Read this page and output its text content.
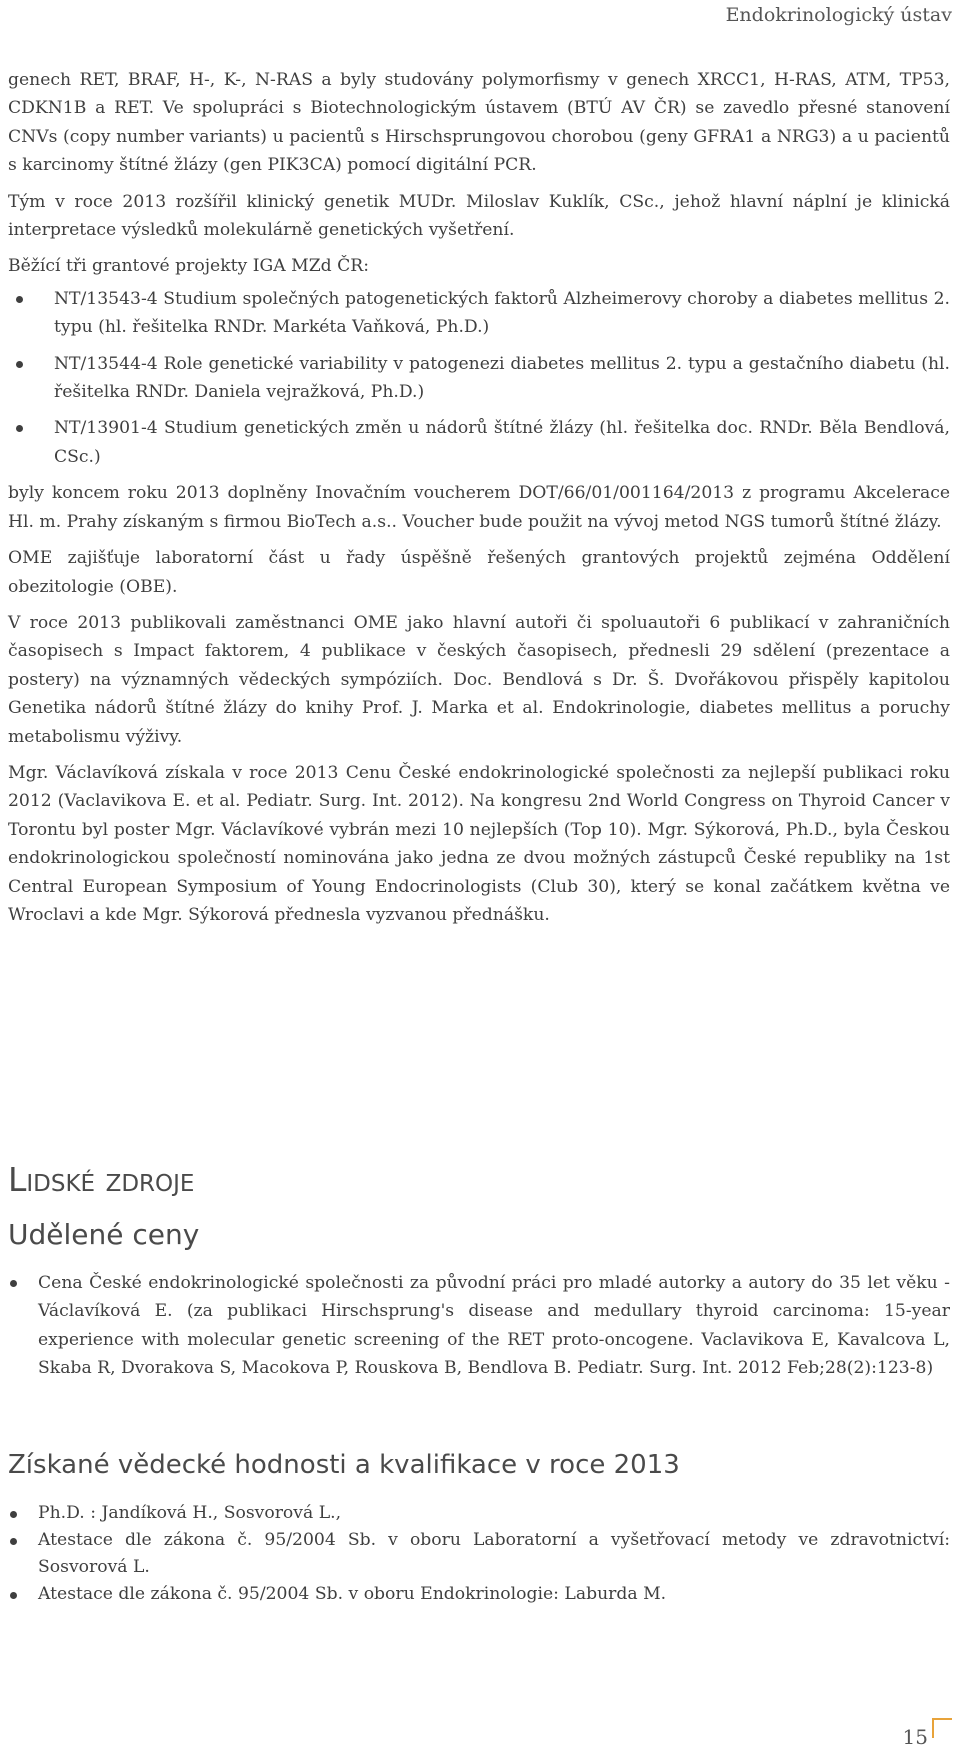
Endokrinologický ústav

genech RET, BRAF, H-, K-, N-RAS a byly studovány polymorfismy v genech XRCC1, H-RAS, ATM, TP53, CDKN1B a RET. Ve spolupráci s Biotechnologickým ústavem (BTÚ AV ČR) se zavedlo přesné stanovení CNVs (copy number variants) u pacientů s Hirschsprungovou chorobou (geny GFRA1 a NRG3) a u pacientů s karcinomy štítné žlázy (gen PIK3CA) pomocí digitální PCR.

Tým v roce 2013 rozšířil klinický genetik MUDr. Miloslav Kuklík, CSc., jehož hlavní náplní je klinická interpretace výsledků molekulárně genetických vyšetření.

Běžící tři grantové projekty IGA MZd ČR:

NT/13543-4 Studium společných patogenetických faktorů Alzheimerovy choroby a diabetes mellitus 2. typu (hl. řešitelka RNDr. Markéta Vaňková, Ph.D.)
NT/13544-4 Role genetické variability v patogenezi diabetes mellitus 2. typu a gestačního diabetu (hl. řešitelka RNDr. Daniela vejražková, Ph.D.)
NT/13901-4 Studium genetických změn u nádorů štítné žlázy (hl. řešitelka doc. RNDr. Běla Bendlová, CSc.)

byly koncem roku 2013 doplněny Inovačním voucherem DOT/66/01/001164/2013 z programu Akcelerace Hl. m. Prahy získaným s firmou BioTech a.s.. Voucher bude použit na vývoj metod NGS tumorů štítné žlázy.

OME zajišťuje laboratorní část u řady úspěšně řešených grantových projektů zejména Oddělení obezitologie (OBE).

V roce 2013 publikovali zaměstnanci OME jako hlavní autoři či spoluautoři 6 publikací v zahraničních časopisech s Impact faktorem, 4 publikace v českých časopisech, přednesli 29 sdělení (prezentace a postery) na významných vědeckých sympóziích. Doc. Bendlová s Dr. Š. Dvořákovou přispěly kapitolou Genetika nádorů štítné žlázy do knihy Prof. J. Marka et al. Endokrinologie, diabetes mellitus a poruchy metabolismu výživy.

Mgr. Václavíková získala v roce 2013 Cenu České endokrinologické společnosti za nejlepší publikaci roku 2012 (Vaclavikova E. et al. Pediatr. Surg. Int. 2012). Na kongresu 2nd World Congress on Thyroid Cancer v Torontu byl poster Mgr. Václavíkové vybrán mezi 10 nejlepších (Top 10). Mgr. Sýkorová, Ph.D., byla Českou endokrinologickou společností nominována jako jedna ze dvou možných zástupců České republiky na 1st Central European Symposium of Young Endocrinologists (Club 30), který se konal začátkem května ve Wroclavi a kde Mgr. Sýkorová přednesla vyzvanou přednášku.

Lidské zdroje
Udělené ceny
Cena České endokrinologické společnosti za původní práci pro mladé autorky a autory do 35 let věku - Václavíková E. (za publikaci Hirschsprung's disease and medullary thyroid carcinoma: 15-year experience with molecular genetic screening of the RET proto-oncogene. Vaclavikova E, Kavalcova L, Skaba R, Dvorakova S, Macokova P, Rouskova B, Bendlova B. Pediatr. Surg. Int. 2012 Feb;28(2):123-8)
Získané vědecké hodnosti a kvalifikace v roce 2013
Ph.D. : Jandíková H., Sosvorová L.,
Atestace dle zákona č. 95/2004 Sb. v oboru Laboratorní a vyšetřovací metody ve zdravotnictví: Sosvorová L.
Atestace dle zákona č. 95/2004 Sb. v oboru Endokrinologie: Laburda M.
15
